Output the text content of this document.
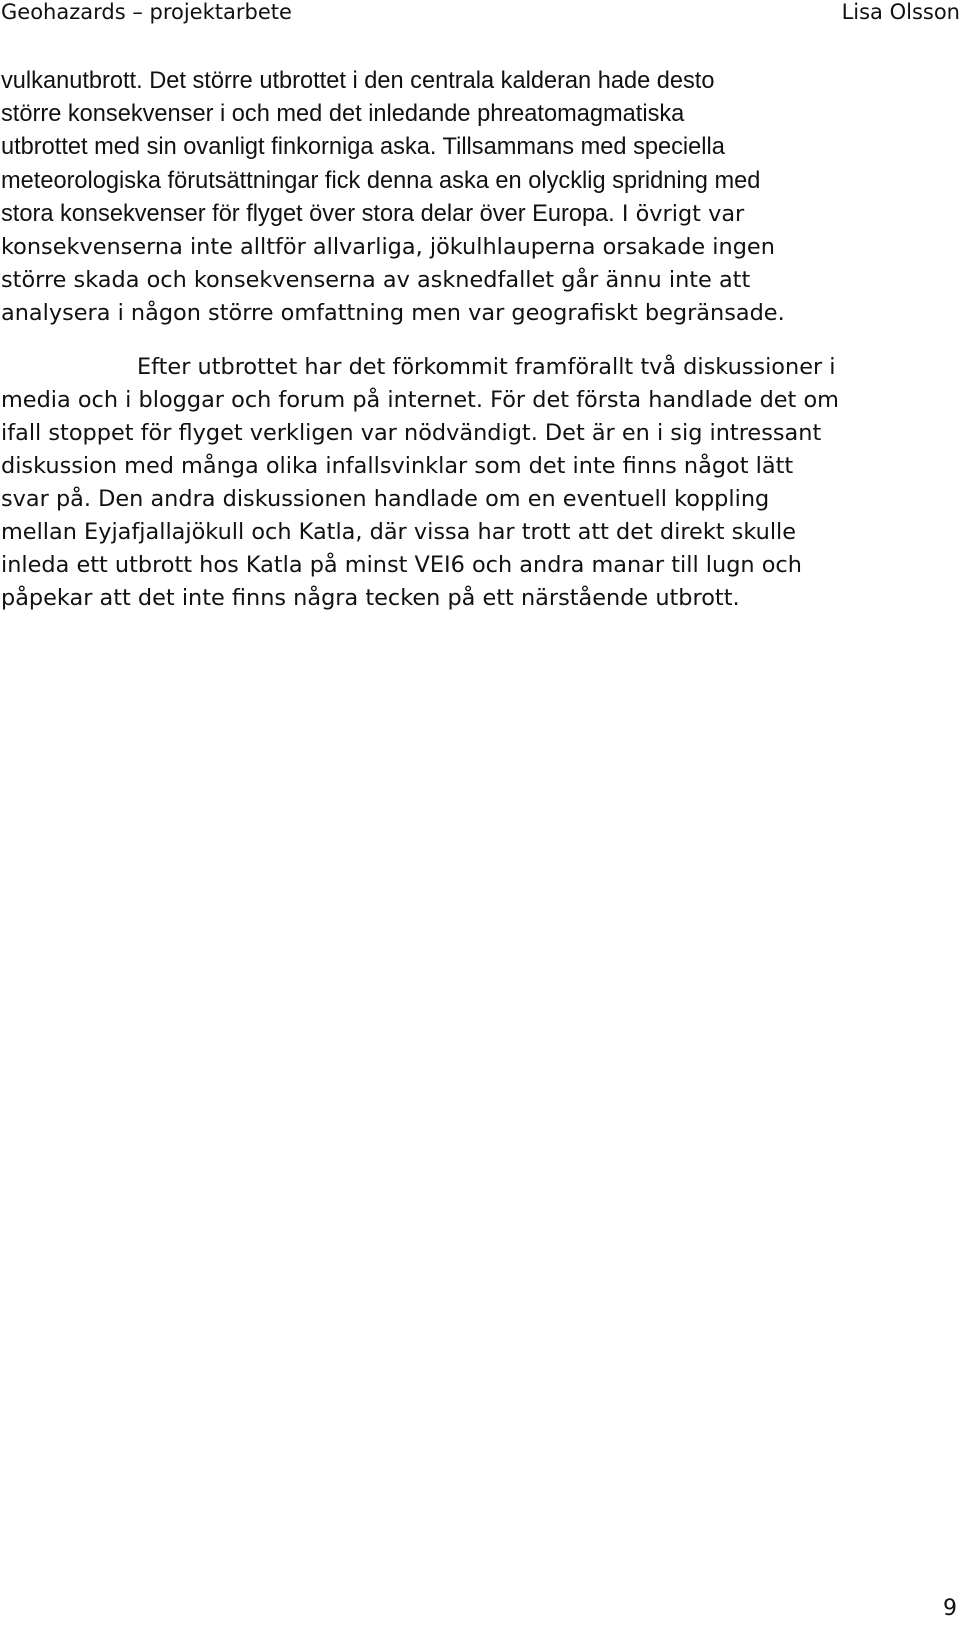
Geohazards – projektarbete	Lisa Olsson
vulkanutbrott. Det större utbrottet i den centrala kalderan hade desto
större konsekvenser i och med det inledande phreatomagmatiska
utbrottet med sin ovanligt finkorniga aska. Tillsammans med speciella
meteorologiska förutsättningar fick denna aska en olycklig spridning med
stora konsekvenser för flyget över stora delar över Europa. I övrigt var
konsekvenserna inte alltför allvarliga, jökulhlauperna orsakade ingen
större skada och konsekvenserna av asknedfallet går ännu inte att
analysera i någon större omfattning men var geografiskt begränsade.
Efter utbrottet har det förkommit framförallt två diskussioner i
media och i bloggar och forum på internet. För det första handlade det om
ifall stoppet för flyget verkligen var nödvändigt. Det är en i sig intressant
diskussion med många olika infallsvinklar som det inte finns något lätt
svar på. Den andra diskussionen handlade om en eventuell koppling
mellan Eyjafjallajökull och Katla, där vissa har trott att det direkt skulle
inleda ett utbrott hos Katla på minst VEI6 och andra manar till lugn och
påpekar att det inte finns några tecken på ett närstående utbrott.
9
